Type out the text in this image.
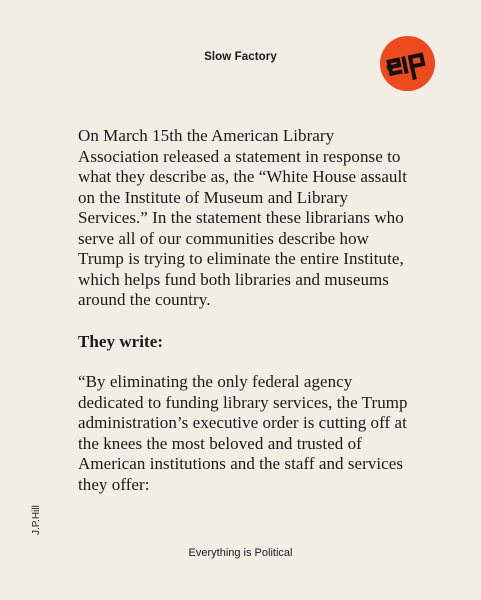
Slow Factory

On March 15th the American Library Association released a statement in response to what they describe as, the “White House assault on the Institute of Museum and Library Services.” In the statement these librarians who serve all of our communities describe how Trump is trying to eliminate the entire Institute, which helps fund both libraries and museums around the country.

They write:

“By eliminating the only federal agency dedicated to funding library services, the Trump administration’s executive order is cutting off at the knees the most beloved and trusted of American institutions and the staff and services they offer:

J.P.Hill
Everything is Political
